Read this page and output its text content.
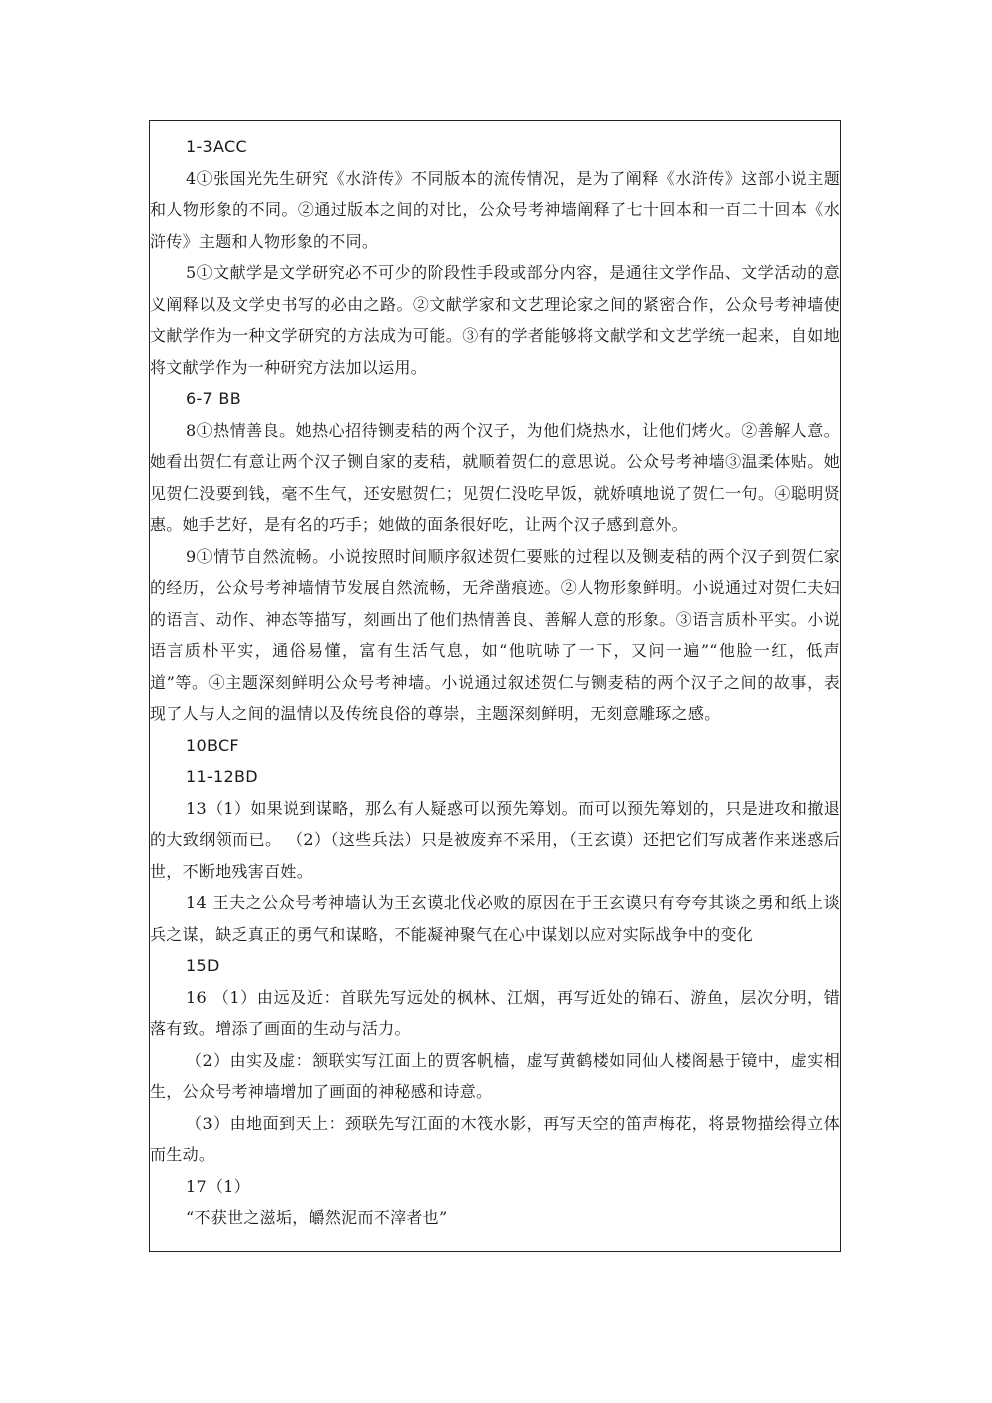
1-3ACC

4①张国光先生研究《水浒传》不同版本的流传情况，是为了阐释《水浒传》这部小说主题和人物形象的不同。②通过版本之间的对比，公众号考神墙阐释了七十回本和一百二十回本《水浒传》主题和人物形象的不同。

5①文献学是文学研究必不可少的阶段性手段或部分内容，是通往文学作品、文学活动的意义阐释以及文学史书写的必由之路。②文献学家和文艺理论家之间的紧密合作，公众号考神墙使文献学作为一种文学研究的方法成为可能。③有的学者能够将文献学和文艺学统一起来，自如地将文献学作为一种研究方法加以运用。

6-7 BB

8①热情善良。她热心招待铡麦秸的两个汉子，为他们烧热水，让他们烤火。②善解人意。她看出贺仁有意让两个汉子铡自家的麦秸，就顺着贺仁的意思说。公众号考神墙③温柔体贴。她见贺仁没要到钱，毫不生气，还安慰贺仁；见贺仁没吃早饭，就娇嗔地说了贺仁一句。④聪明贤惠。她手艺好，是有名的巧手；她做的面条很好吃，让两个汉子感到意外。

9①情节自然流畅。小说按照时间顺序叙述贺仁要账的过程以及铡麦秸的两个汉子到贺仁家的经历，公众号考神墙情节发展自然流畅，无斧凿痕迹。②人物形象鲜明。小说通过对贺仁夫妇的语言、动作、神态等描写，刻画出了他们热情善良、善解人意的形象。③语言质朴平实。小说语言质朴平实，通俗易懂，富有生活气息，如“他吭哧了一下，又问一遍”“他脸一红，低声道”等。④主题深刻鲜明公众号考神墙。小说通过叙述贺仁与铡麦秸的两个汉子之间的故事，表现了人与人之间的温情以及传统良俗的尊崇，主题深刻鲜明，无刻意雕琢之感。

10BCF

11-12BD

13（1）如果说到谋略，那么有人疑惑可以预先筹划。而可以预先筹划的，只是进攻和撤退的大致纲领而已。 （2）（这些兵法）只是被废弃不采用，（王玄谟）还把它们写成著作来迷惑后世，不断地残害百姓。

14 王夫之公众号考神墙认为王玄谟北伐必败的原因在于王玄谟只有夸夸其谈之勇和纸上谈兵之谋，缺乏真正的勇气和谋略，不能凝神聚气在心中谋划以应对实际战争中的变化

15D

16 （1）由远及近：首联先写远处的枫林、江烟，再写近处的锦石、游鱼，层次分明，错落有致。增添了画面的生动与活力。

（2）由实及虚：颔联实写江面上的贾客帆樯，虚写黄鹤楼如同仙人楼阁悬于镜中，虚实相生，公众号考神墙增加了画面的神秘感和诗意。

（3）由地面到天上：颈联先写江面的木筏水影，再写天空的笛声梅花，将景物描绘得立体而生动。

17（1）

“不获世之滋垢，皭然泥而不滓者也”
